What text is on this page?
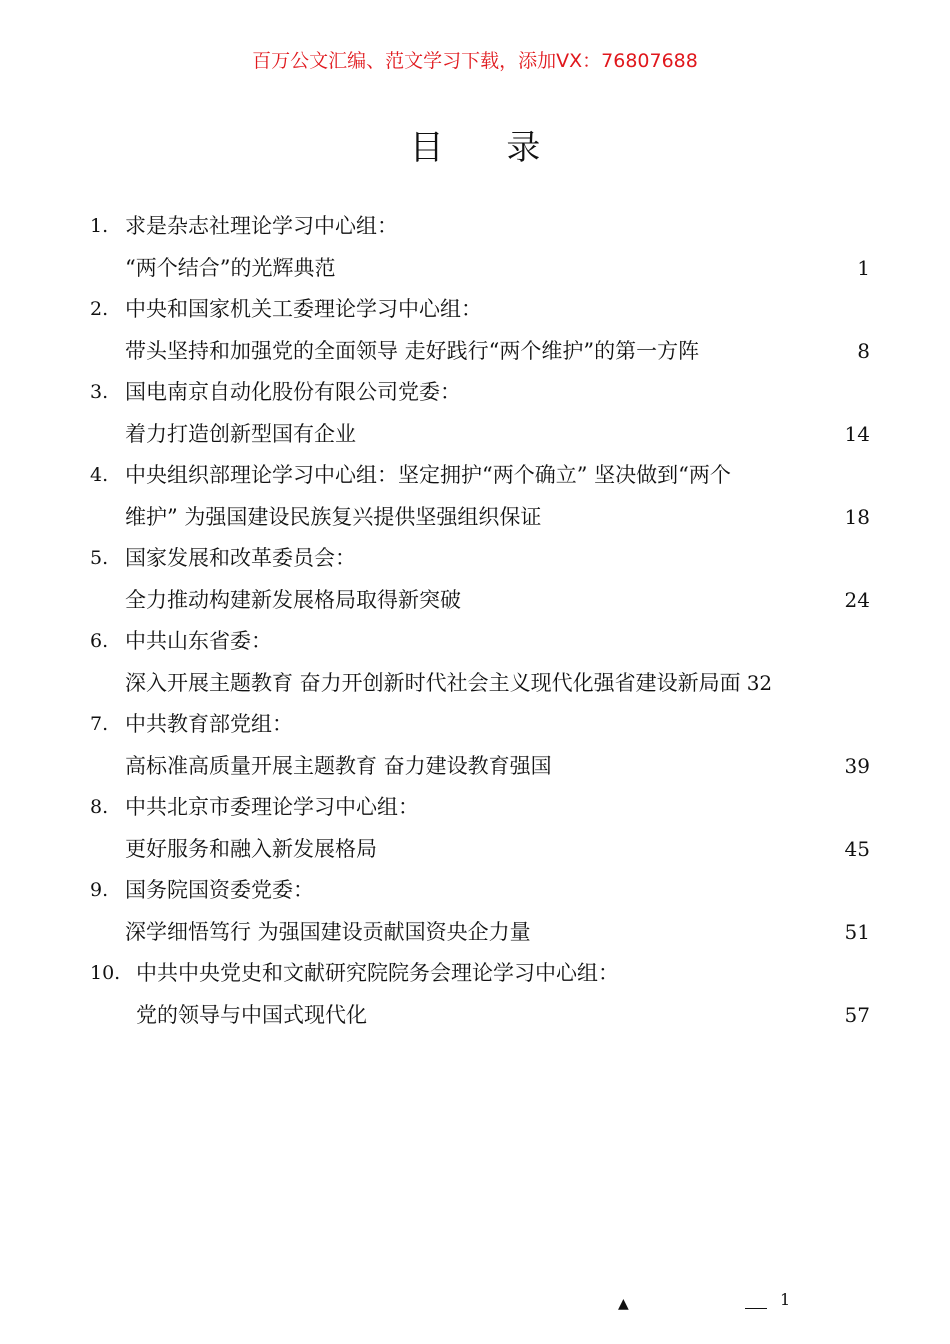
百万公文汇编、范文学习下载，添加VX：76807688
目 录
1. 求是杂志社理论学习中心组：
“两个结合”的光辉典范	1
2. 中央和国家机关工委理论学习中心组：
带头坚持和加强党的全面领导 走好践行“两个维护”的第一方阵	8
3. 国电南京自动化股份有限公司党委：
着力打造创新型国有企业	14
4. 中央组织部理论学习中心组：坚定拥护“两个确立” 坚决做到“两个
维护” 为强国建设民族复兴提供坚强组织保证	18
5. 国家发展和改革委员会：
全力推动构建新发展格局取得新突破	24
6. 中共山东省委：
深入开展主题教育 奋力开创新时代社会主义现代化强省建设新局面 32
7. 中共教育部党组：
高标准高质量开展主题教育 奋力建设教育强国	39
8. 中共北京市委理论学习中心组：
更好服务和融入新发展格局	45
9. 国务院国资委党委：
深学细悟笃行 为强国建设贡献国资央企力量	51
10. 中共中央党史和文献研究院院务会理论学习中心组：
党的领导与中国式现代化	57
▲	1
